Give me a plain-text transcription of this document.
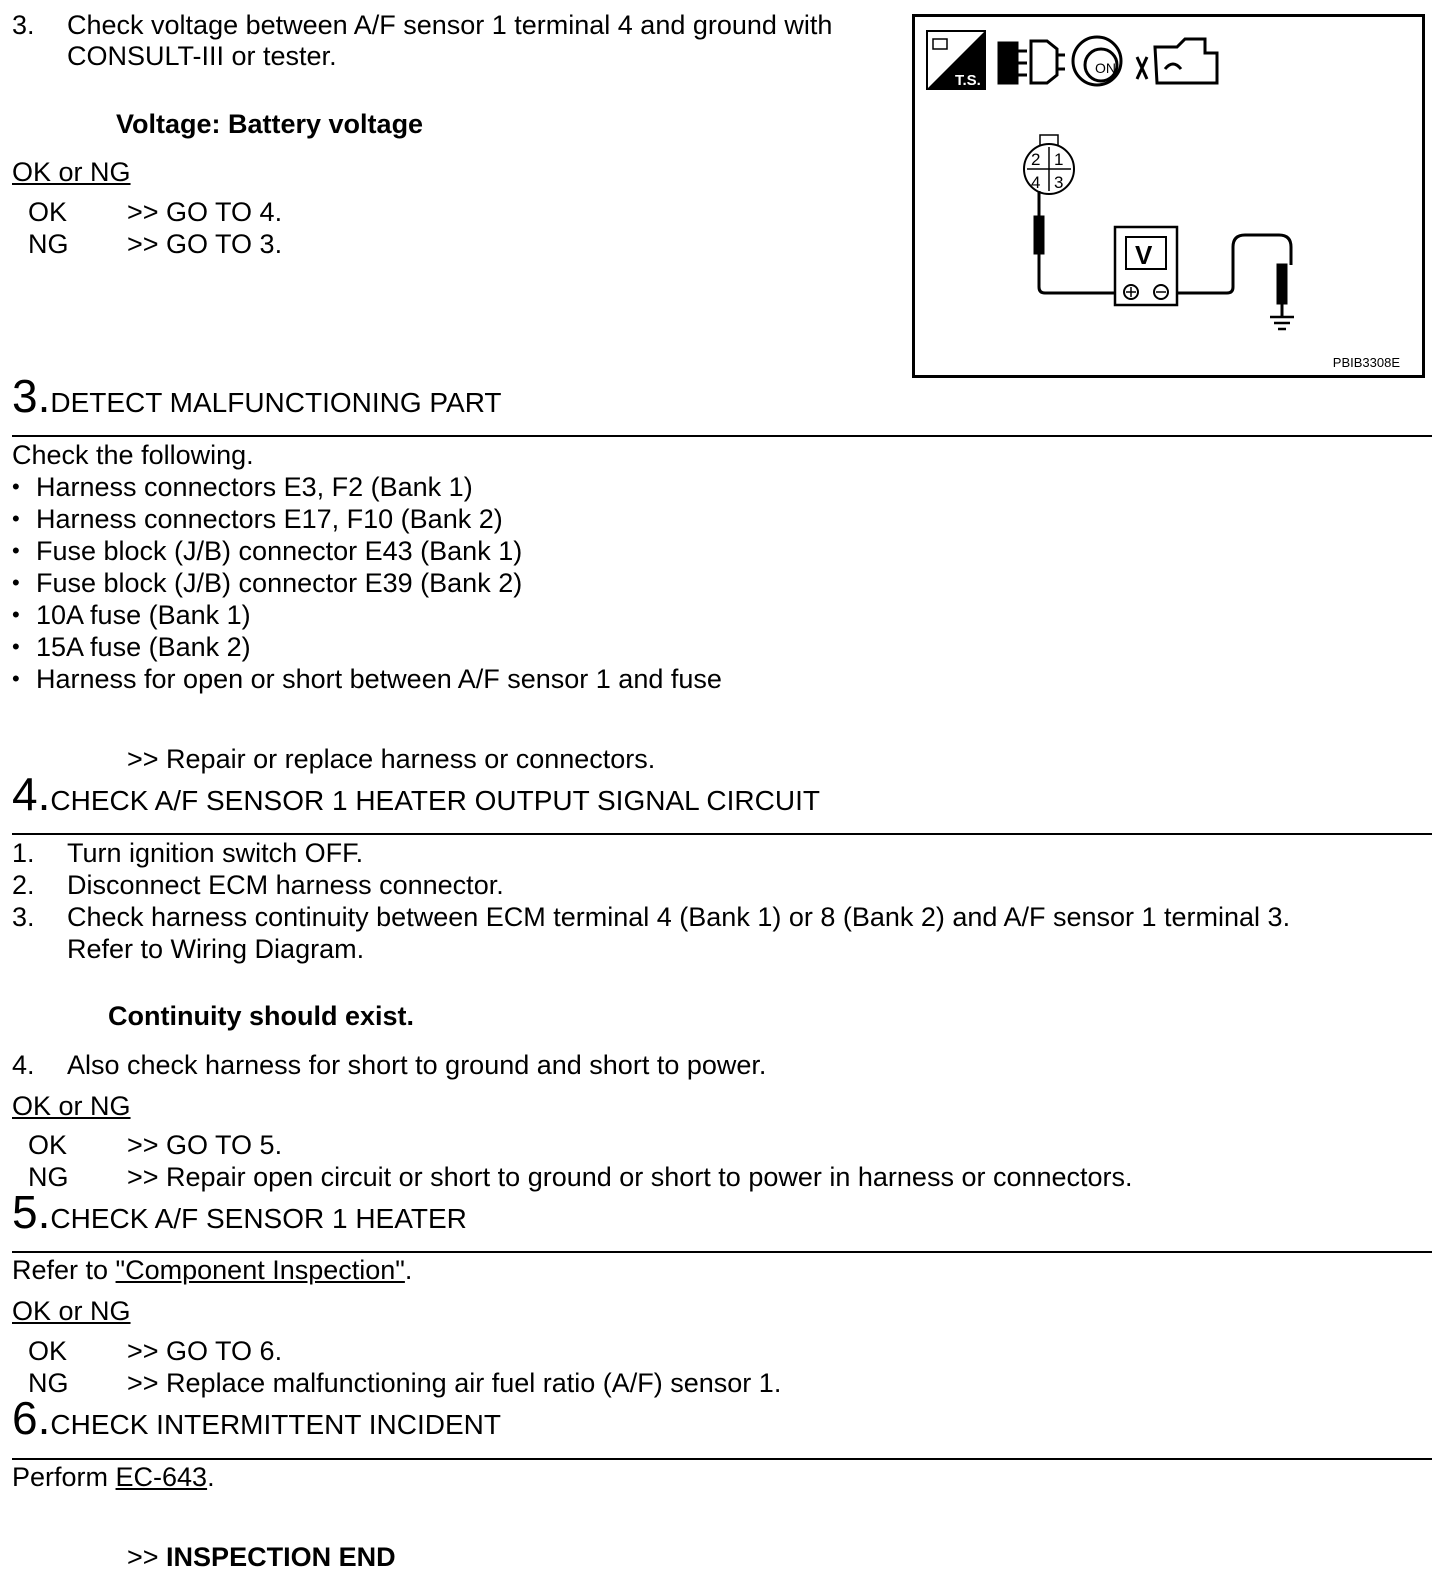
3. Check voltage between A/F sensor 1 terminal 4 and ground with
CONSULT-III or tester.
Voltage: Battery voltage
OK or NG
OK >> GO TO 4.
NG >> GO TO 3.
T.S.
ON
2 1
4 3
V
PBIB3308E
3.DETECT MALFUNCTIONING PART
Check the following.
• Harness connectors E3, F2 (Bank 1)
• Harness connectors E17, F10 (Bank 2)
• Fuse block (J/B) connector E43 (Bank 1)
• Fuse block (J/B) connector E39 (Bank 2)
• 10A fuse (Bank 1)
• 15A fuse (Bank 2)
• Harness for open or short between A/F sensor 1 and fuse
>> Repair or replace harness or connectors.
4.CHECK A/F SENSOR 1 HEATER OUTPUT SIGNAL CIRCUIT
1. Turn ignition switch OFF.
2. Disconnect ECM harness connector.
3. Check harness continuity between ECM terminal 4 (Bank 1) or 8 (Bank 2) and A/F sensor 1 terminal 3.
Refer to Wiring Diagram.
Continuity should exist.
4. Also check harness for short to ground and short to power.
OK or NG
OK >> GO TO 5.
NG >> Repair open circuit or short to ground or short to power in harness or connectors.
5.CHECK A/F SENSOR 1 HEATER
Refer to "Component Inspection".
OK or NG
OK >> GO TO 6.
NG >> Replace malfunctioning air fuel ratio (A/F) sensor 1.
6.CHECK INTERMITTENT INCIDENT
Perform EC-643.
>> INSPECTION END
